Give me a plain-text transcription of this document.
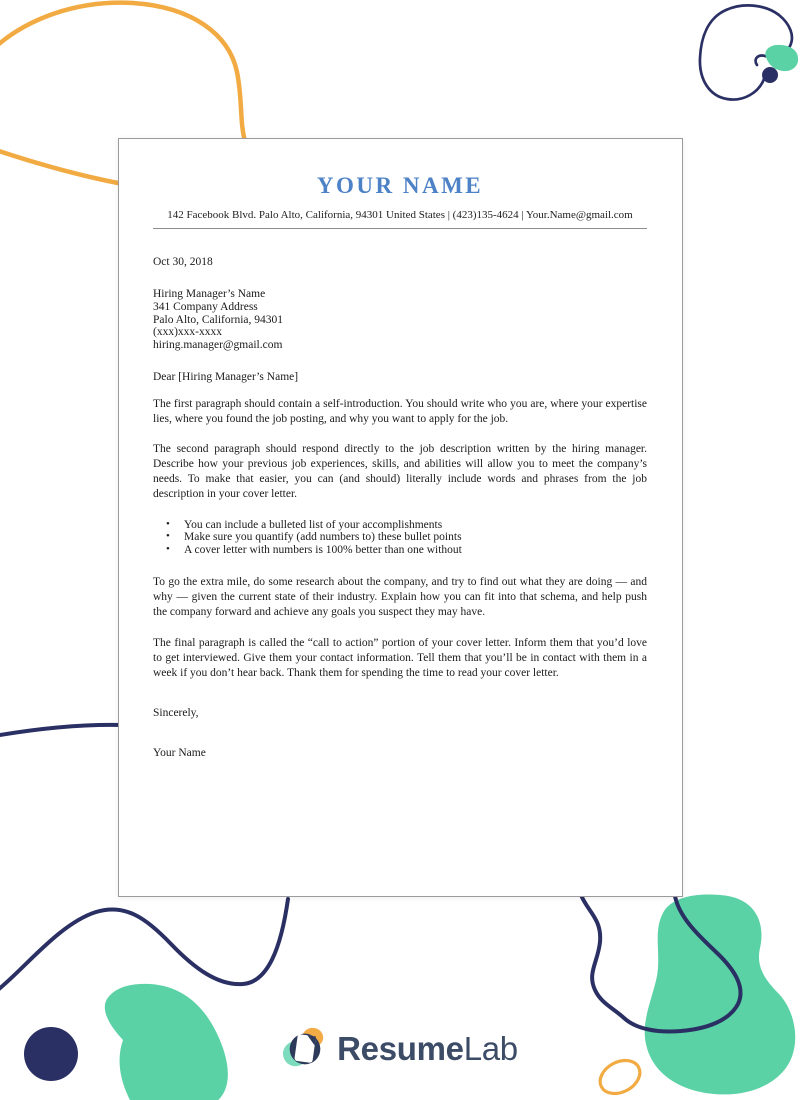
YOUR NAME
142 Facebook Blvd. Palo Alto, California, 94301 United States | (423)135-4624 | Your.Name@gmail.com

Oct 30, 2018

Hiring Manager’s Name
341 Company Address
Palo Alto, California, 94301
(xxx)xxx-xxxx
hiring.manager@gmail.com

Dear [Hiring Manager’s Name]

The first paragraph should contain a self-introduction. You should write who you are, where your expertise lies, where you found the job posting, and why you want to apply for the job.

The second paragraph should respond directly to the job description written by the hiring manager. Describe how your previous job experiences, skills, and abilities will allow you to meet the company’s needs. To make that easier, you can (and should) literally include words and phrases from the job description in your cover letter.

• You can include a bulleted list of your accomplishments
• Make sure you quantify (add numbers to) these bullet points
• A cover letter with numbers is 100% better than one without

To go the extra mile, do some research about the company, and try to find out what they are doing — and why — given the current state of their industry. Explain how you can fit into that schema, and help push the company forward and achieve any goals you suspect they may have.

The final paragraph is called the “call to action” portion of your cover letter. Inform them that you’d love to get interviewed. Give them your contact information. Tell them that you’ll be in contact with them in a week if you don’t hear back. Thank them for spending the time to read your cover letter.

Sincerely,

Your Name

ResumeLab
